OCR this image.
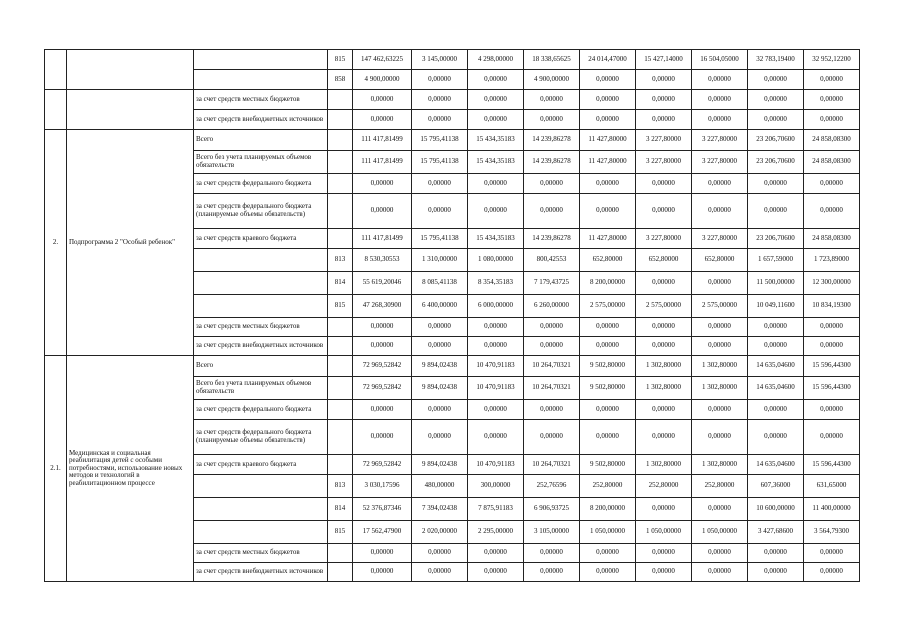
			815	147 462,63225	3 145,00000	4 298,00000	18 338,65625	24 014,47000	15 427,14000	16 504,05000	32 783,19400	32 952,12200
			858	4 900,00000	0,00000	0,00000	4 900,00000	0,00000	0,00000	0,00000	0,00000	0,00000
		за счет средств местных бюджетов		0,00000	0,00000	0,00000	0,00000	0,00000	0,00000	0,00000	0,00000	0,00000
		за счет средств внебюджетных источников		0,00000	0,00000	0,00000	0,00000	0,00000	0,00000	0,00000	0,00000	0,00000
2.	Подпрограмма 2 "Особый ребенок"	Всего		111 417,81499	15 795,41138	15 434,35183	14 239,86278	11 427,80000	3 227,80000	3 227,80000	23 206,70600	24 858,08300
		Всего без учета планируемых объемов обязательств		111 417,81499	15 795,41138	15 434,35183	14 239,86278	11 427,80000	3 227,80000	3 227,80000	23 206,70600	24 858,08300
		за счет средств федерального бюджета		0,00000	0,00000	0,00000	0,00000	0,00000	0,00000	0,00000	0,00000	0,00000
		за счет средств федерального бюджета (планируемые объемы обязательств)		0,00000	0,00000	0,00000	0,00000	0,00000	0,00000	0,00000	0,00000	0,00000
		за счет средств краевого бюджета		111 417,81499	15 795,41138	15 434,35183	14 239,86278	11 427,80000	3 227,80000	3 227,80000	23 206,70600	24 858,08300
			813	8 530,30553	1 310,00000	1 080,00000	800,42553	652,80000	652,80000	652,80000	1 657,59000	1 723,89000
			814	55 619,20046	8 085,41138	8 354,35183	7 179,43725	8 200,00000	0,00000	0,00000	11 500,00000	12 300,00000
			815	47 268,30900	6 400,00000	6 000,00000	6 260,00000	2 575,00000	2 575,00000	2 575,00000	10 049,11600	10 834,19300
		за счет средств местных бюджетов		0,00000	0,00000	0,00000	0,00000	0,00000	0,00000	0,00000	0,00000	0,00000
		за счет средств внебюджетных источников		0,00000	0,00000	0,00000	0,00000	0,00000	0,00000	0,00000	0,00000	0,00000
2.1.	Медицинская и социальная реабилитация детей с особыми потребностями, использование новых методов и технологий в реабилитационном процессе	Всего		72 969,52842	9 894,02438	10 470,91183	10 264,70321	9 502,80000	1 302,80000	1 302,80000	14 635,04600	15 596,44300
		Всего без учета планируемых объемов обязательств		72 969,52842	9 894,02438	10 470,91183	10 264,70321	9 502,80000	1 302,80000	1 302,80000	14 635,04600	15 596,44300
		за счет средств федерального бюджета		0,00000	0,00000	0,00000	0,00000	0,00000	0,00000	0,00000	0,00000	0,00000
		за счет средств федерального бюджета (планируемые объемы обязательств)		0,00000	0,00000	0,00000	0,00000	0,00000	0,00000	0,00000	0,00000	0,00000
		за счет средств краевого бюджета		72 969,52842	9 894,02438	10 470,91183	10 264,70321	9 502,80000	1 302,80000	1 302,80000	14 635,04600	15 596,44300
			813	3 030,17596	480,00000	300,00000	252,76596	252,80000	252,80000	252,80000	607,36000	631,65000
			814	52 376,87346	7 394,02438	7 875,91183	6 906,93725	8 200,00000	0,00000	0,00000	10 600,00000	11 400,00000
			815	17 562,47900	2 020,00000	2 295,00000	3 105,00000	1 050,00000	1 050,00000	1 050,00000	3 427,68600	3 564,79300
		за счет средств местных бюджетов		0,00000	0,00000	0,00000	0,00000	0,00000	0,00000	0,00000	0,00000	0,00000
		за счет средств внебюджетных источников		0,00000	0,00000	0,00000	0,00000	0,00000	0,00000	0,00000	0,00000	0,00000
